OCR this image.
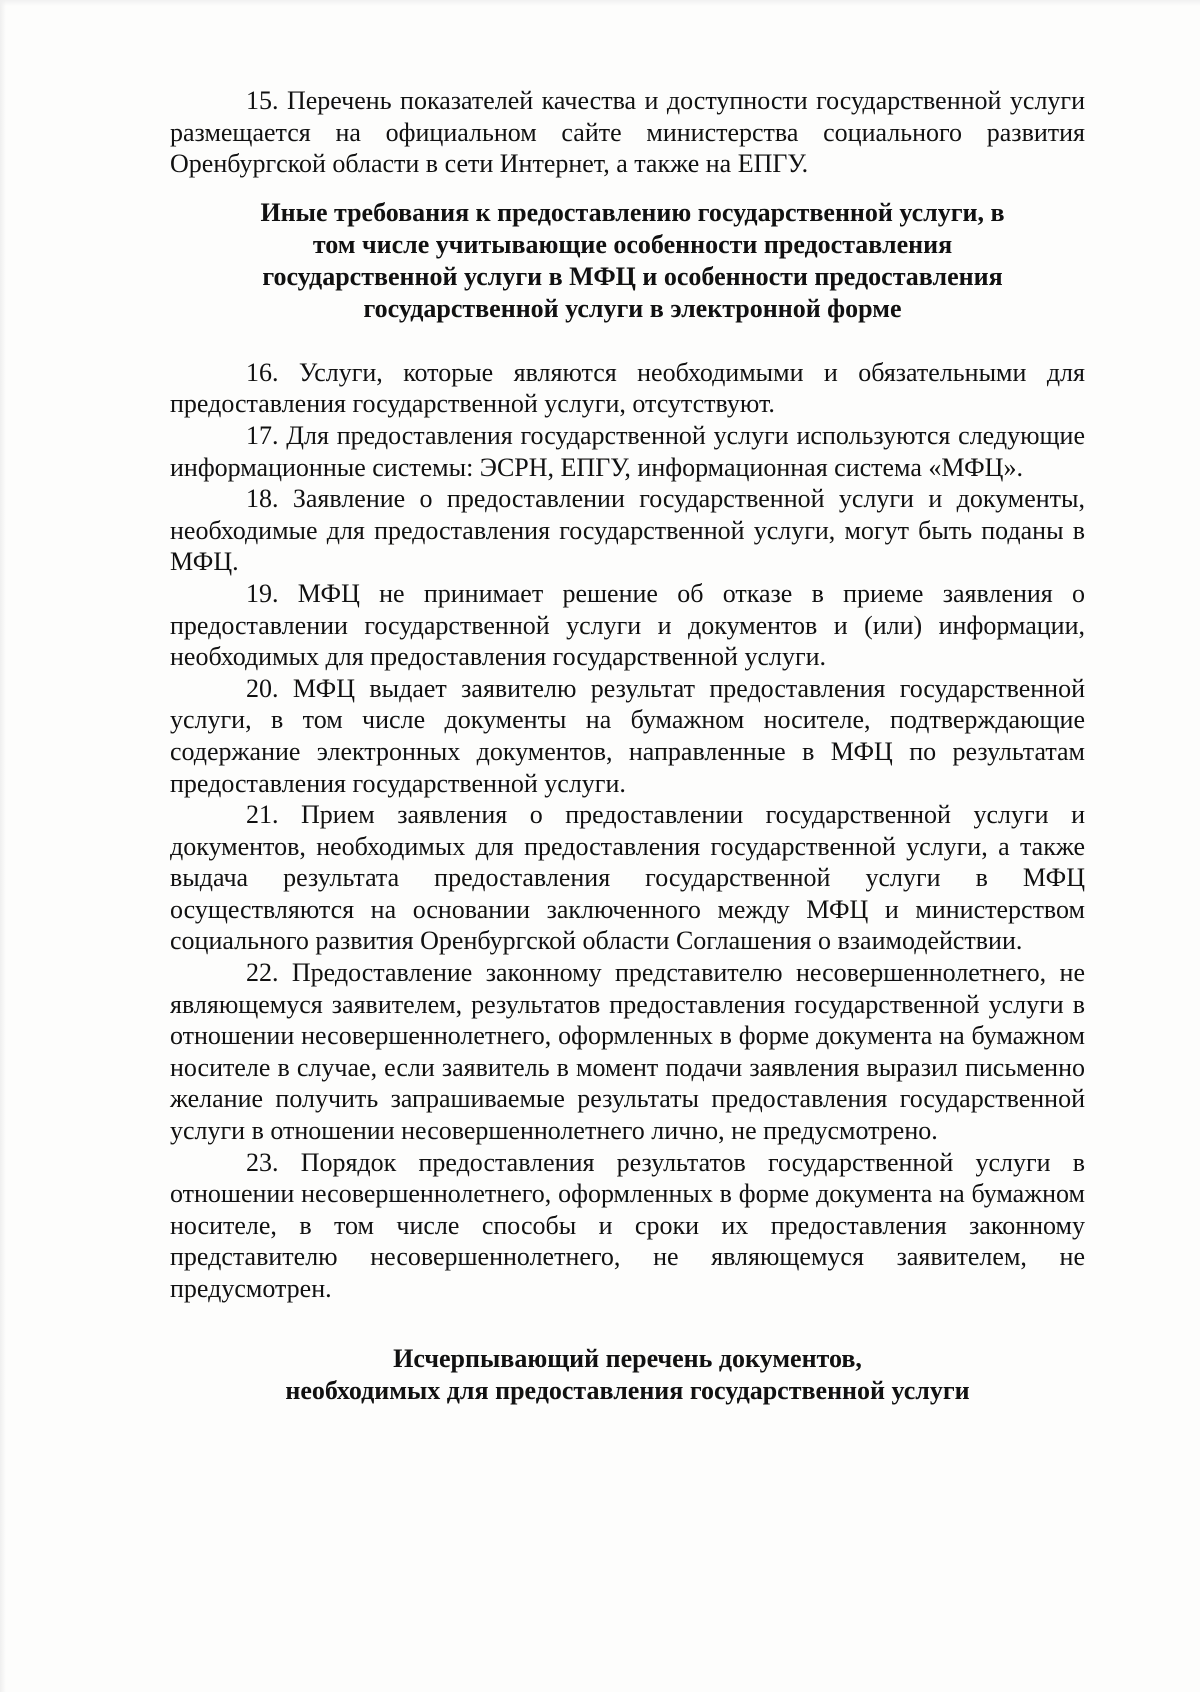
15. Перечень показателей качества и доступности государственной услуги размещается на официальном сайте министерства социального развития Оренбургской области в сети Интернет, а также на ЕПГУ.

Иные требования к предоставлению государственной услуги, в
том числе учитывающие особенности предоставления
государственной услуги в МФЦ и особенности предоставления
государственной услуги в электронной форме

16. Услуги, которые являются необходимыми и обязательными для предоставления государственной услуги, отсутствуют.

17. Для предоставления государственной услуги используются следующие информационные системы: ЭСРН, ЕПГУ, информационная система «МФЦ».

18. Заявление о предоставлении государственной услуги и документы, необходимые для предоставления государственной услуги, могут быть поданы в МФЦ.

19. МФЦ не принимает решение об отказе в приеме заявления о предоставлении государственной услуги и документов и (или) информации, необходимых для предоставления государственной услуги.

20. МФЦ выдает заявителю результат предоставления государственной услуги, в том числе документы на бумажном носителе, подтверждающие содержание электронных документов, направленные в МФЦ по результатам предоставления государственной услуги.

21. Прием заявления о предоставлении государственной услуги и документов, необходимых для предоставления государственной услуги, а также выдача результата предоставления государственной услуги в МФЦ осуществляются на основании заключенного между МФЦ и министерством социального развития Оренбургской области Соглашения о взаимодействии.

22. Предоставление законному представителю несовершеннолетнего, не являющемуся заявителем, результатов предоставления государственной услуги в отношении несовершеннолетнего, оформленных в форме документа на бумажном носителе в случае, если заявитель в момент подачи заявления выразил письменно желание получить запрашиваемые результаты предоставления государственной услуги в отношении несовершеннолетнего лично, не предусмотрено.

23. Порядок предоставления результатов государственной услуги в отношении несовершеннолетнего, оформленных в форме документа на бумажном носителе, в том числе способы и сроки их предоставления законному представителю несовершеннолетнего, не являющемуся заявителем, не предусмотрен.

Исчерпывающий перечень документов,
необходимых для предоставления государственной услуги
